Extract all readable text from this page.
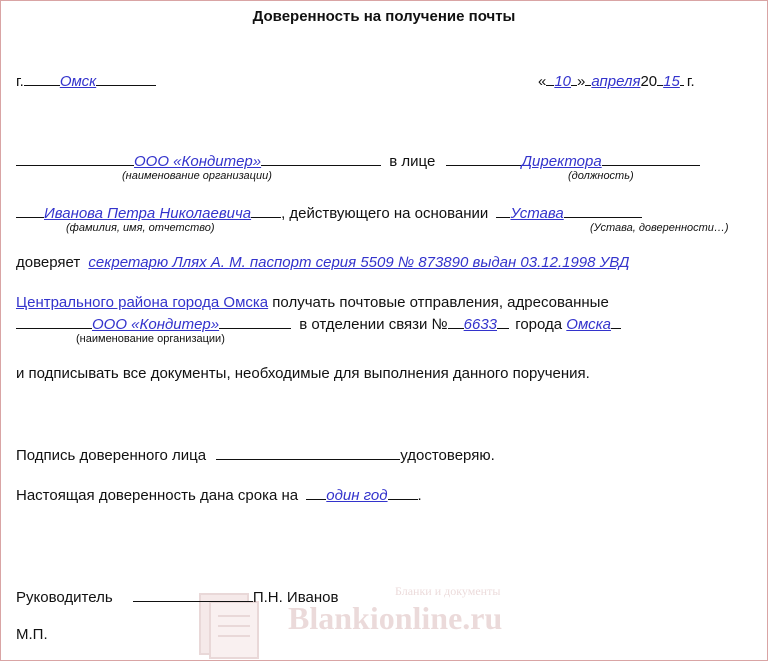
Доверенность на получение почты
г. Омск	« 10 » апреля20 15 г.
ООО «Кондитер»	в лице	Директора
(наименование организации)	(должность)
Иванова Петра Николаевича , действующего на основании Устава
(фамилия, имя, отчетство)	(Устава, доверенности…)
доверяет секретарю Ллях А. М. паспорт серия 5509 № 873890 выдан 03.12.1998 УВД
Центрального района города Омска получать почтовые отправления, адресованные
ООО «Кондитер»	в отделении связи № 6633 города Омска
(наименование организации)
и подписывать все документы, необходимые для выполнения данного поручения.
Подпись доверенного лица	удостоверяю.
Настоящая доверенность дана срока на один год .
Бланки и документы
Blankionline.ru
Руководитель	П.Н. Иванов
М.П.
